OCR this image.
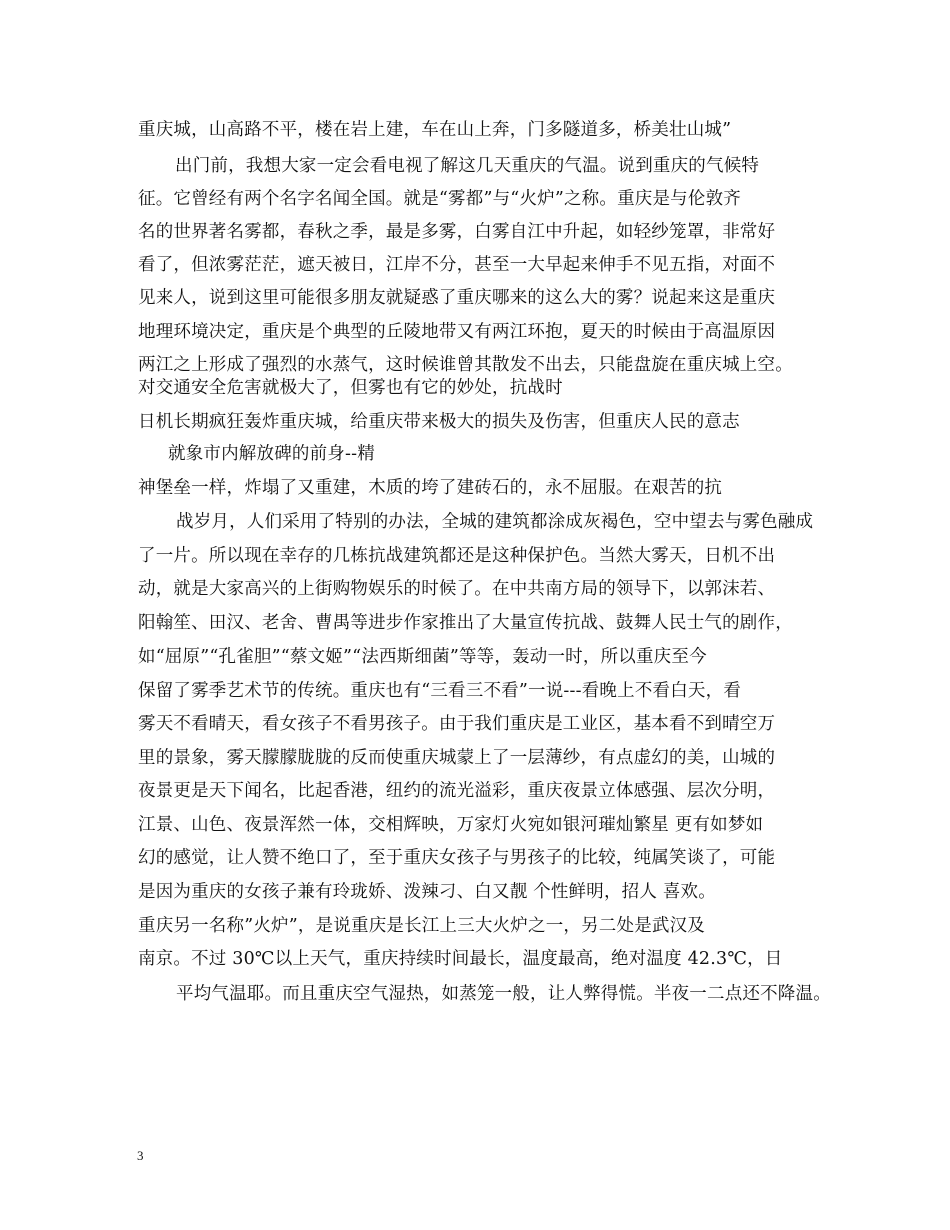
重庆城，山高路不平，楼在岩上建，车在山上奔，门多隧道多，桥美壮山城”
出门前，我想大家一定会看电视了解这几天重庆的气温。说到重庆的气候特
征。它曾经有两个名字名闻全国。就是“雾都”与“火炉”之称。重庆是与伦敦齐
名的世界著名雾都，春秋之季，最是多雾，白雾自江中升起，如轻纱笼罩，非常好
看了，但浓雾茫茫，遮天被日，江岸不分，甚至一大早起来伸手不见五指，对面不
见来人，说到这里可能很多朋友就疑惑了重庆哪来的这么大的雾？说起来这是重庆
地理环境决定，重庆是个典型的丘陵地带又有两江环抱，夏天的时候由于高温原因
两江之上形成了强烈的水蒸气，这时候谁曾其散发不出去，只能盘旋在重庆城上空。
对交通安全危害就极大了，但雾也有它的妙处，抗战时
日机长期疯狂轰炸重庆城，给重庆带来极大的损失及伤害，但重庆人民的意志
就象市内解放碑的前身--精
神堡垒一样，炸塌了又重建，木质的垮了建砖石的，永不屈服。在艰苦的抗
战岁月，人们采用了特别的办法，全城的建筑都涂成灰褐色，空中望去与雾色融成
了一片。所以现在幸存的几栋抗战建筑都还是这种保护色。当然大雾天，日机不出
动，就是大家高兴的上街购物娱乐的时候了。在中共南方局的领导下，以郭沫若、
阳翰笙、田汉、老舍、曹禺等进步作家推出了大量宣传抗战、鼓舞人民士气的剧作，
如“屈原”“孔雀胆”“蔡文姬”“法西斯细菌”等等，轰动一时，所以重庆至今
保留了雾季艺术节的传统。重庆也有“三看三不看”一说---看晚上不看白天，看
雾天不看晴天，看女孩子不看男孩子。由于我们重庆是工业区，基本看不到晴空万
里的景象，雾天朦朦胧胧的反而使重庆城蒙上了一层薄纱，有点虚幻的美，山城的
夜景更是天下闻名，比起香港，纽约的流光溢彩，重庆夜景立体感强、层次分明，
江景、山色、夜景浑然一体，交相辉映，万家灯火宛如银河璀灿繁星 更有如梦如
幻的感觉，让人赞不绝口了，至于重庆女孩子与男孩子的比较，纯属笑谈了，可能
是因为重庆的女孩子兼有玲珑娇、泼辣刁、白又靓 个性鲜明，招人 喜欢。
重庆另一名称”火炉”，是说重庆是长江上三大火炉之一，另二处是武汉及
南京。不过 30℃以上天气，重庆持续时间最长，温度最高，绝对温度 42.3℃，日
平均气温耶。而且重庆空气湿热，如蒸笼一般，让人弊得慌。半夜一二点还不降温。
3
